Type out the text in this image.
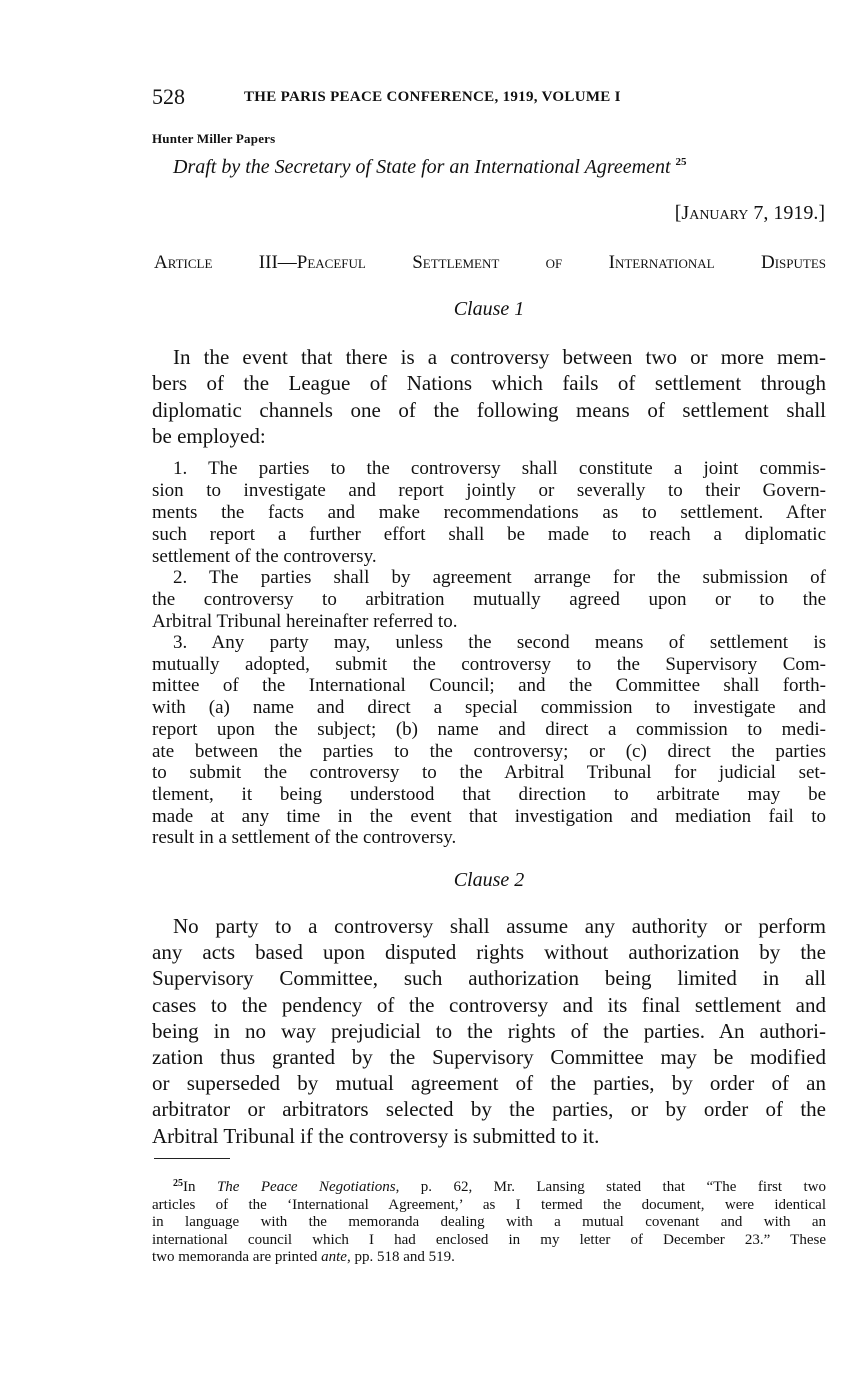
528	THE PARIS PEACE CONFERENCE, 1919, VOLUME I
Hunter Miller Papers
Draft by the Secretary of State for an International Agreement $^{25}$
[January 7, 1919.]
Article III—Peaceful Settlement of International Disputes
Clause 1
In the event that there is a controversy between two or more mem-
bers of the League of Nations which fails of settlement through
diplomatic channels one of the following means of settlement shall
be employed:
1. The parties to the controversy shall constitute a joint commis-
sion to investigate and report jointly or severally to their Govern-
ments the facts and make recommendations as to settlement. After
such report a further effort shall be made to reach a diplomatic
settlement of the controversy.
2. The parties shall by agreement arrange for the submission of
the controversy to arbitration mutually agreed upon or to the
Arbitral Tribunal hereinafter referred to.
3. Any party may, unless the second means of settlement is
mutually adopted, submit the controversy to the Supervisory Com-
mittee of the International Council; and the Committee shall forth-
with (a) name and direct a special commission to investigate and
report upon the subject; (b) name and direct a commission to medi-
ate between the parties to the controversy; or (c) direct the parties
to submit the controversy to the Arbitral Tribunal for judicial set-
tlement, it being understood that direction to arbitrate may be
made at any time in the event that investigation and mediation fail to
result in a settlement of the controversy.
Clause 2
No party to a controversy shall assume any authority or perform
any acts based upon disputed rights without authorization by the
Supervisory Committee, such authorization being limited in all
cases to the pendency of the controversy and its final settlement and
being in no way prejudicial to the rights of the parties. An authori-
zation thus granted by the Supervisory Committee may be modified
or superseded by mutual agreement of the parties, by order of an
arbitrator or arbitrators selected by the parties, or by order of the
Arbitral Tribunal if the controversy is submitted to it.
$^{25}$In The Peace Negotiations, p. 62, Mr. Lansing stated that “The first two
articles of the ‘International Agreement,’ as I termed the document, were identical
in language with the memoranda dealing with a mutual covenant and with an
international council which I had enclosed in my letter of December 23.” These
two memoranda are printed ante, pp. 518 and 519.
